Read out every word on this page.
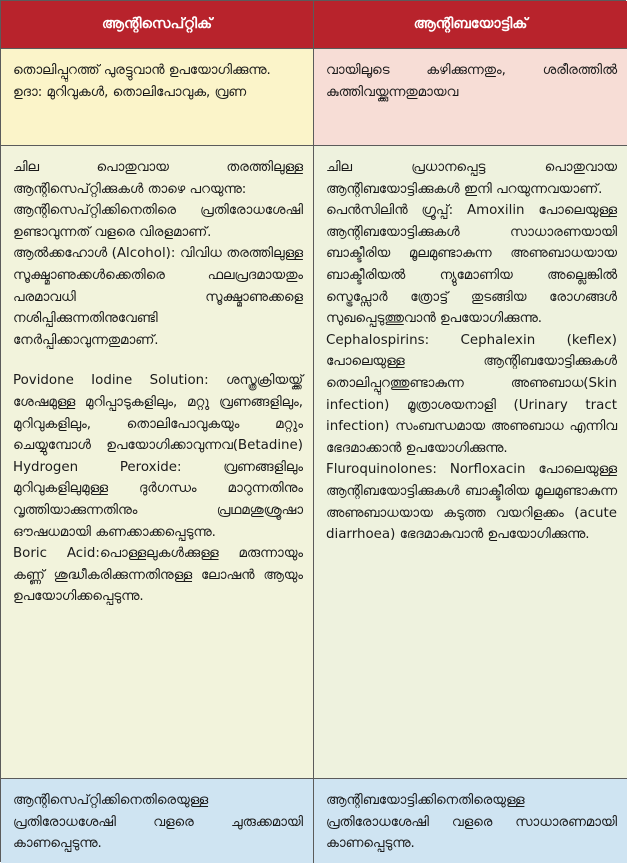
ആന്റിസെപ്റ്റിക്	ആന്റിബയോട്ടിക്

തൊലിപ്പുറത്ത് പുരട്ടുവാൻ ഉപയോഗിക്കുന്നു.

ഉദാ: മുറിവുകൾ, തൊലിപോവുക, വ്രണ

വായിലൂടെ കഴിക്കുന്നതും, ശരീരത്തിൽ കുത്തിവയ്ക്കുന്നതുമായവ

ചില പൊതുവായ തരത്തിലുള്ള ആന്റിസെപ്റ്റിക്കുകൾ താഴെ പറയുന്നു:

ആന്റിസെപ്റ്റിക്കിനെതിരെ പ്രതിരോധശേഷി ഉണ്ടാവുന്നത് വളരെ വിരളമാണ്.

ആൽക്കഹോൾ (Alcohol): വിവിധ തരത്തിലുള്ള സൂക്ഷ്മാണുക്കൾക്കെതിരെ ഫലപ്രദമായതും പരമാവധി സൂക്ഷ്മാണുക്കളെ നശിപ്പിക്കുന്നതിനുവേണ്ടി നേർപ്പിക്കാവുന്നതുമാണ്.

Povidone Iodine Solution: ശസ്ത്രക്രിയയ്ക്ക് ശേഷമുള്ള മുറിപ്പാടുകളിലും, മറ്റു വ്രണങ്ങളിലും, മുറിവുകളിലും, തൊലിപോവുകയും മറ്റും ചെയ്യുമ്പോൾ ഉപയോഗിക്കാവുന്നവ(Betadine) Hydrogen Peroxide: വ്രണങ്ങളിലും മുറിവുകളിലുമുള്ള ദുർഗന്ധം മാറുന്നതിനും വൃത്തിയാക്കുന്നതിനും പ്രഥമശുശ്രൂഷാ ഔഷധമായി കണക്കാക്കപ്പെടുന്നു.

Boric Acid:പൊള്ളലുകൾക്കുള്ള മരുന്നായും കണ്ണ് ശുദ്ധീകരിക്കുന്നതിനുള്ള ലോഷൻ ആയും ഉപയോഗിക്കപ്പെടുന്നു.

ചില പ്രധാനപ്പെട്ട പൊതുവായ ആന്റിബയോട്ടിക്കുകൾ ഇനി പറയുന്നവയാണ്.

പെൻസിലിൻ ഗ്രൂപ്പ്: Amoxilin പോലെയുള്ള ആന്റിബയോട്ടിക്കുകൾ സാധാരണയായി ബാക്ടീരിയ മൂലമുണ്ടാകുന്ന അണുബാധയായ ബാക്ടീരിയൽ ന്യുമോണിയ അല്ലെങ്കിൽ സ്ട്രെപ്സോർ ത്രോട്ട് തുടങ്ങിയ രോഗങ്ങൾ സുഖപ്പെടുത്തുവാൻ ഉപയോഗിക്കുന്നു.

Cephalospirins: Cephalexin (keflex) പോലെയുള്ള ആന്റിബയോട്ടിക്കുകൾ തൊലിപ്പുറത്തുണ്ടാകുന്ന അണുബാധ(Skin infection) മൂത്രാശയനാളി (Urinary tract infection) സംബന്ധമായ അണുബാധ എന്നിവ ഭേദമാക്കാൻ ഉപയോഗിക്കുന്നു.

Fluroquinolones: Norfloxacin പോലെയുള്ള ആന്റിബയോട്ടിക്കുകൾ ബാക്ടീരിയ മൂലമുണ്ടാകുന്ന അണുബാധയായ കടുത്ത വയറിളക്കം (acute diarrhoea) ഭേദമാകുവാൻ ഉപയോഗിക്കുന്നു.

ആന്റിസെപ്റ്റിക്കിനെതിരെയുള്ള പ്രതിരോധശേഷി വളരെ ചുരുക്കമായി കാണപ്പെടുന്നു.

ആന്റിബയോട്ടിക്കിനെതിരെയുള്ള പ്രതിരോധശേഷി വളരെ സാധാരണമായി കാണപ്പെടുന്നു.
